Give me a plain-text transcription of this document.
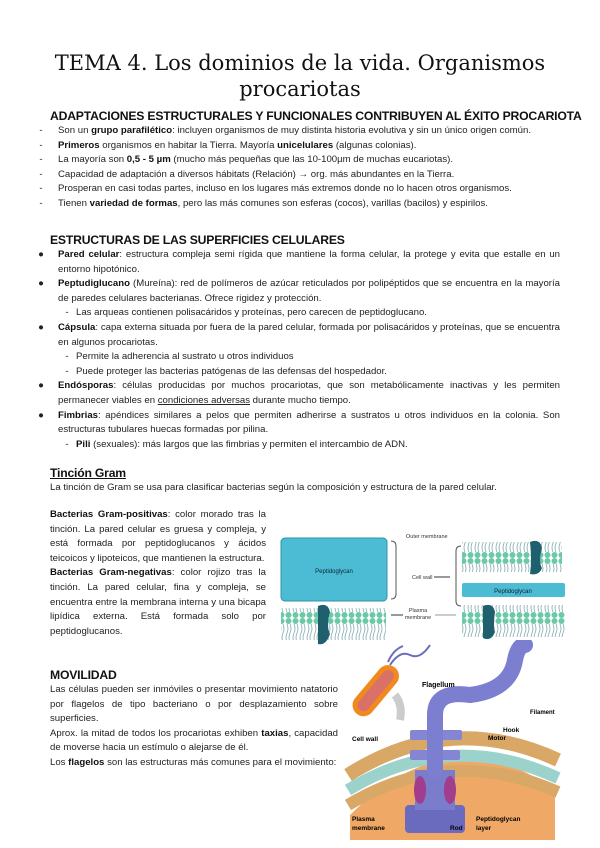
TEMA 4. Los dominios de la vida. Organismos procariotas
ADAPTACIONES ESTRUCTURALES Y FUNCIONALES CONTRIBUYEN AL ÉXITO PROCARIOTA
-	Son un grupo parafilético: incluyen organismos de muy distinta historia evolutiva y sin un único origen común.
-	Primeros organismos en habitar la Tierra. Mayoría unicelulares (algunas colonias).
-	La mayoría son 0,5 - 5 µm (mucho más pequeñas que las 10-100µm de muchas eucariotas).
-	Capacidad de adaptación a diversos hábitats (Relación) → org. más abundantes en la Tierra.
-	Prosperan en casi todas partes, incluso en los lugares más extremos donde no lo hacen otros organismos.
-	Tienen variedad de formas, pero las más comunes son esferas (cocos), varillas (bacilos) y espirilos.
ESTRUCTURAS DE LAS SUPERFICIES CELULARES
● Pared celular: estructura compleja semi rígida que mantiene la forma celular, la protege y evita que estalle en un entorno hipotónico.
● Peptudiglucano (Mureína): red de polímeros de azúcar reticulados por polipéptidos que se encuentra en la mayoría de paredes celulares bacterianas. Ofrece rigidez y protección.
- Las arqueas contienen polisacáridos y proteínas, pero carecen de peptidoglucano.
● Cápsula: capa externa situada por fuera de la pared celular, formada por polisacáridos y proteínas, que se encuentra en algunos procariotas.
- Permite la adherencia al sustrato u otros individuos
- Puede proteger las bacterias patógenas de las defensas del hospedador.
● Endósporas: células producidas por muchos procariotas, que son metabólicamente inactivas y les permiten permanecer viables en condiciones adversas durante mucho tiempo.
● Fimbrias: apéndices similares a pelos que permiten adherirse a sustratos u otros individuos en la colonia. Son estructuras tubulares huecas formadas por pilina.
- Pili (sexuales): más largos que las fimbrias y permiten el intercambio de ADN.
Tinción Gram
La tinción de Gram se usa para clasificar bacterias según la composición y estructura de la pared celular.
Bacterias Gram-positivas: color morado tras la tinción. La pared celular es gruesa y compleja, y está formada por peptidoglucanos y ácidos teicoicos y lipoteicos, que mantienen la estructura.
Bacterias Gram-negativas: color rojizo tras la tinción. La pared celular, fina y compleja, se encuentra entre la membrana interna y una bicapa lipídica externa. Está formada solo por peptidoglucanos.
Peptidoglycan
Outer membrane
Cell wall
Peptidoglycan
Plasma
membrane
MOVILIDAD
Las células pueden ser inmóviles o presentar movimiento natatorio por flagelos de tipo bacteriano o por desplazamiento sobre superficies.
Aprox. la mitad de todos los procariotas exhiben taxias, capacidad de moverse hacia un estímulo o alejarse de él.
Los flagelos son las estructuras más comunes para el movimiento:
Flagellum
Filament
Hook
Motor
Cell wall
Plasma
membrane	Rod
Peptidoglycan
layer
